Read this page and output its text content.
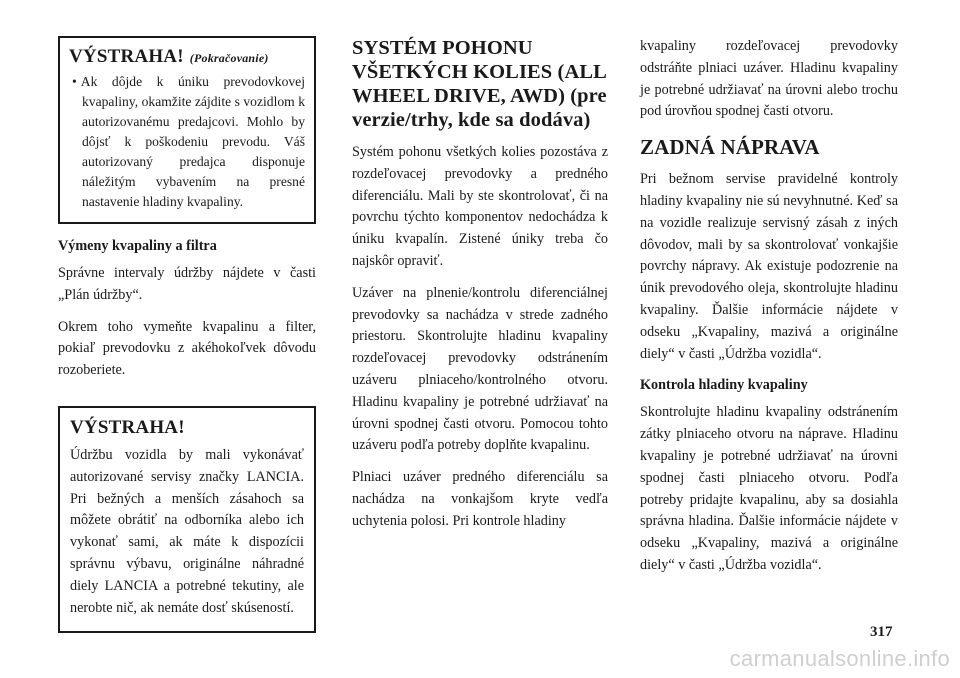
VÝSTRAHA! (Pokračovanie)
• Ak dôjde k úniku prevodovkovej kvapaliny, okamžite zájdite s vozidlom k autorizovanému predajcovi. Mohlo by dôjsť k poškodeniu prevodu. Váš autorizovaný predajca disponuje náležitým vybavením na presné nastavenie hladiny kvapaliny.

Výmeny kvapaliny a filtra

Správne intervaly údržby nájdete v časti „Plán údržby“.

Okrem toho vymeňte kvapalinu a filter, pokiaľ prevodovku z akéhokoľvek dôvodu rozoberiete.

VÝSTRAHA!

Údržbu vozidla by mali vykonávať autorizované servisy značky LANCIA. Pri bežných a menších zásahoch sa môžete obrátiť na odborníka alebo ich vykonať sami, ak máte k dispozícii správnu výbavu, originálne náhradné diely LANCIA a potrebné tekutiny, ale nerobte nič, ak nemáte dosť skúseností.

SYSTÉM POHONU VŠETKÝCH KOLIES (ALL WHEEL DRIVE, AWD) (pre verzie/trhy, kde sa dodáva)

Systém pohonu všetkých kolies pozostáva z rozdeľovacej prevodovky a predného diferenciálu. Mali by ste skontrolovať, či na povrchu týchto komponentov nedochádza k úniku kvapalín. Zistené úniky treba čo najskôr opraviť.

Uzáver na plnenie/kontrolu diferenciálnej prevodovky sa nachádza v strede zadného priestoru. Skontrolujte hladinu kvapaliny rozdeľovacej prevodovky odstránením uzáveru plniaceho/kontrolného otvoru. Hladinu kvapaliny je potrebné udržiavať na úrovni spodnej časti otvoru. Pomocou tohto uzáveru podľa potreby doplňte kvapalinu.

Plniaci uzáver predného diferenciálu sa nachádza na vonkajšom kryte vedľa uchytenia polosi. Pri kontrole hladiny

kvapaliny rozdeľovacej prevodovky odstráňte plniaci uzáver. Hladinu kvapaliny je potrebné udržiavať na úrovni alebo trochu pod úrovňou spodnej časti otvoru.

ZADNÁ NÁPRAVA

Pri bežnom servise pravidelné kontroly hladiny kvapaliny nie sú nevyhnutné. Keď sa na vozidle realizuje servisný zásah z iných dôvodov, mali by sa skontrolovať vonkajšie povrchy nápravy. Ak existuje podozrenie na únik prevodového oleja, skontrolujte hladinu kvapaliny. Ďalšie informácie nájdete v odseku „Kvapaliny, mazivá a originálne diely“ v časti „Údržba vozidla“.

Kontrola hladiny kvapaliny

Skontrolujte hladinu kvapaliny odstránením zátky plniaceho otvoru na náprave. Hladinu kvapaliny je potrebné udržiavať na úrovni spodnej časti plniaceho otvoru. Podľa potreby pridajte kvapalinu, aby sa dosiahla správna hladina. Ďalšie informácie nájdete v odseku „Kvapaliny, mazivá a originálne diely“ v časti „Údržba vozidla“.

317
carmanualsonline.info
